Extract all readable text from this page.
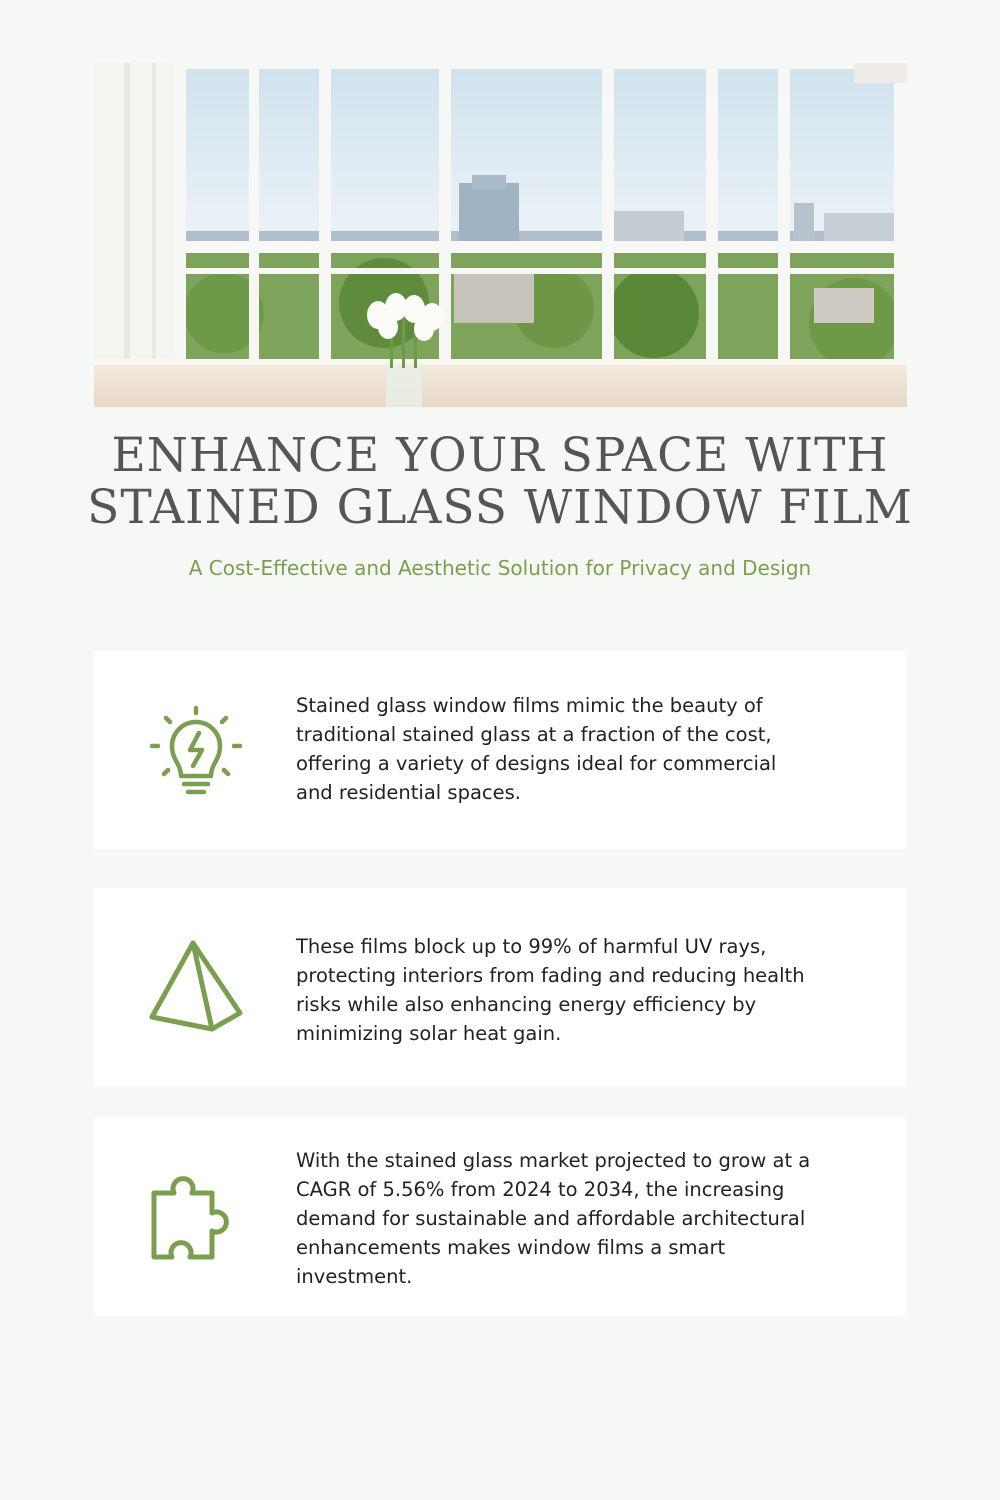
ENHANCE YOUR SPACE WITH
STAINED GLASS WINDOW FILM

A Cost-Effective and Aesthetic Solution for Privacy and Design

Stained glass window films mimic the beauty of traditional stained glass at a fraction of the cost, offering a variety of designs ideal for commercial and residential spaces.

These films block up to 99% of harmful UV rays, protecting interiors from fading and reducing health risks while also enhancing energy efficiency by minimizing solar heat gain.

With the stained glass market projected to grow at a CAGR of 5.56% from 2024 to 2034, the increasing demand for sustainable and affordable architectural enhancements makes window films a smart investment.
